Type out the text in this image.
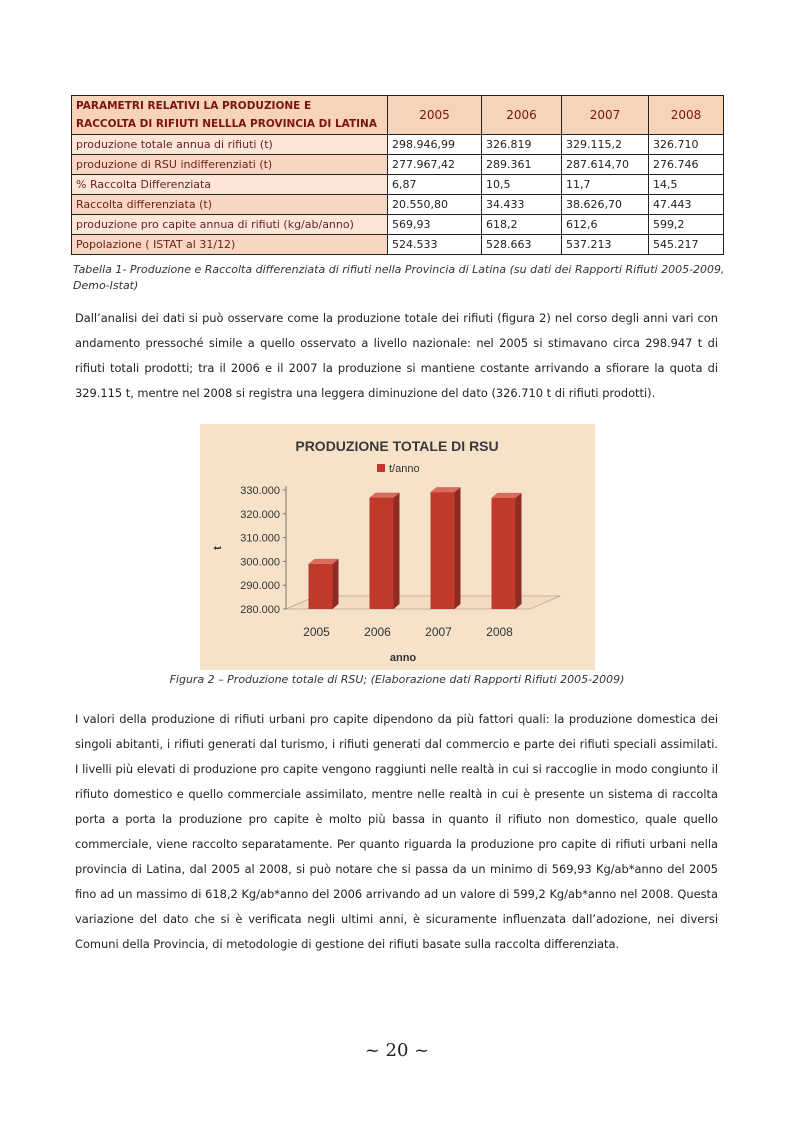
PARAMETRI RELATIVI LA PRODUZIONE E
RACCOLTA DI RIFIUTI NELLLA PROVINCIA DI LATINA	2005	2006	2007	2008
produzione totale annua di rifiuti (t)	298.946,99	326.819	329.115,2	326.710
produzione di RSU indifferenziati (t)	277.967,42	289.361	287.614,70	276.746
% Raccolta Differenziata	6,87	10,5	11,7	14,5
Raccolta differenziata (t)	20.550,80	34.433	38.626,70	47.443
produzione pro capite annua di rifiuti (kg/ab/anno)	569,93	618,2	612,6	599,2
Popolazione ( ISTAT al 31/12)	524.533	528.663	537.213	545.217
Tabella 1- Produzione e Raccolta differenziata di rifiuti nella Provincia di Latina (su dati dei Rapporti Rifiuti 2005-2009, Demo-Istat)
Dall’analisi dei dati si può osservare come la produzione totale dei rifiuti (figura 2) nel corso degli anni vari con andamento pressoché simile a quello osservato a livello nazionale: nel 2005 si stimavano circa 298.947 t di rifiuti totali prodotti; tra il 2006 e il 2007 la produzione si mantiene costante arrivando a sfiorare la quota di 329.115 t, mentre nel 2008 si registra una leggera diminuzione del dato (326.710 t di rifiuti prodotti).
PRODUZIONE TOTALE DI RSU
t/anno
t
anno
280.000
290.000
300.000
310.000
320.000
330.000
2005	2006	2007	2008
Figura 2 – Produzione totale di RSU; (Elaborazione dati Rapporti Rifiuti 2005-2009)
I valori della produzione di rifiuti urbani pro capite dipendono da più fattori quali: la produzione domestica dei singoli abitanti, i rifiuti generati dal turismo, i rifiuti generati dal commercio e parte dei rifiuti speciali assimilati. I livelli più elevati di produzione pro capite vengono raggiunti nelle realtà in cui si raccoglie in modo congiunto il rifiuto domestico e quello commerciale assimilato, mentre nelle realtà in cui è presente un sistema di raccolta porta a porta la produzione pro capite è molto più bassa in quanto il rifiuto non domestico, quale quello commerciale, viene raccolto separatamente. Per quanto riguarda la produzione pro capite di rifiuti urbani nella provincia di Latina, dal 2005 al 2008, si può notare che si passa da un minimo di 569,93 Kg/ab*anno del 2005 fino ad un massimo di 618,2 Kg/ab*anno del 2006 arrivando ad un valore di 599,2 Kg/ab*anno nel 2008. Questa variazione del dato che si è verificata negli ultimi anni, è sicuramente influenzata dall’adozione, nei diversi Comuni della Provincia, di metodologie di gestione dei rifiuti basate sulla raccolta differenziata.
~ 20 ~
